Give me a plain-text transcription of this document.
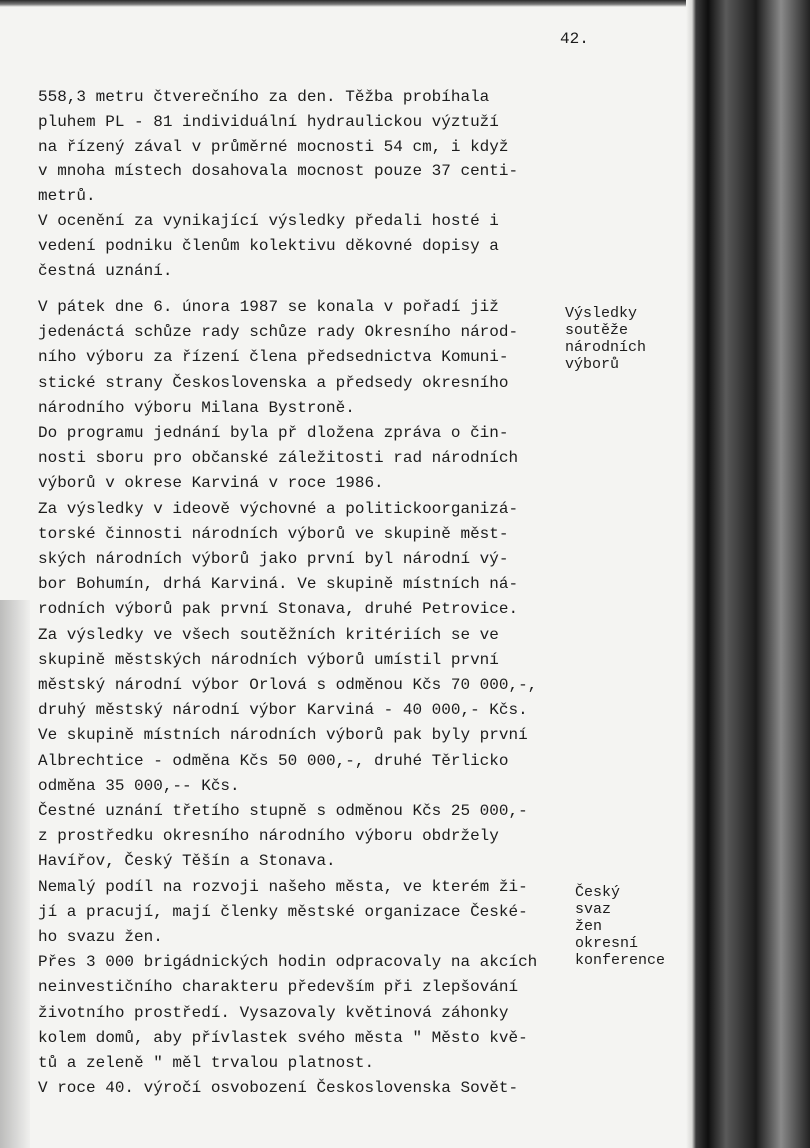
42.
558,3 metru čtverečního za den. Těžba probíhala
pluhem PL - 81 individuální hydraulickou výztuží
na řízený zával v průměrné mocnosti 54 cm, i když
v mnoha místech dosahovala mocnost pouze 37 centi-
metrů.
V ocenění za vynikající výsledky předali hosté i
vedení podniku členům kolektivu děkovné dopisy a
čestná uznání.
V pátek dne 6. února 1987 se konala v pořadí již
jedenáctá schůze rady schůze rady Okresního národ-
ního výboru za řízení člena předsednictva Komuni-
stické strany Československa a předsedy okresního
národního výboru Milana Bystroně.
Do programu jednání byla př dložena zpráva o čin-
nosti sboru pro občanské záležitosti rad národních
výborů v okrese Karviná v roce 1986.
Za výsledky v ideově výchovné a politickoorganizá-
torské činnosti národních výborů ve skupině měst-
ských národních výborů jako první byl národní vý-
bor Bohumín, drhá Karviná. Ve skupině místních ná-
rodních výborů pak první Stonava, druhé Petrovice.
Za výsledky ve všech soutěžních kritériích se ve
skupině městských národních výborů umístil první
městský národní výbor Orlová s odměnou Kčs 70 000,-,
druhý městský národní výbor Karviná - 40 000,- Kčs.
Ve skupině místních národních výborů pak byly první
Albrechtice - odměna Kčs 50 000,-, druhé Těrlicko
odměna 35 000,-- Kčs.
Čestné uznání třetího stupně s odměnou Kčs 25 000,-
z prostředku okresního národního výboru obdržely
Havířov, Český Těšín a Stonava.
Nemalý podíl na rozvoji našeho města, ve kterém ži-
jí a pracují, mají členky městské organizace České-
ho svazu žen.
Přes 3 000 brigádnických hodin odpracovaly na akcích
neinvestičního charakteru především při zlepšování
životního prostředí. Vysazovaly květinová záhonky
kolem domů, aby přívlastek svého města " Město kvě-
tů a zeleně " měl trvalou platnost.
V roce 40. výročí osvobození Československa Sovět-
Výsledky
soutěže
národních
výborů
Český
svaz
žen
okresní
konference
